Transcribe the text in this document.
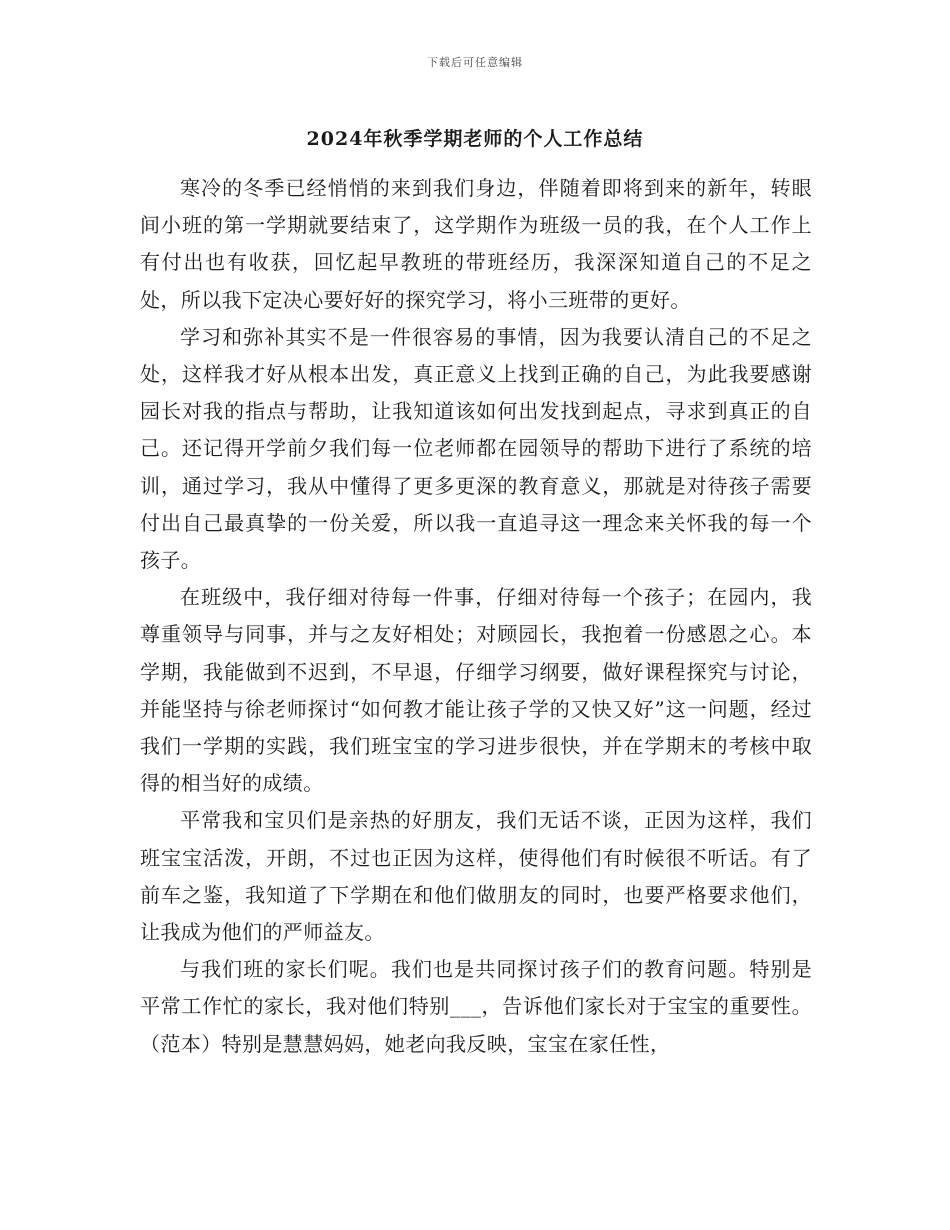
下载后可任意编辑
2024年秋季学期老师的个人工作总结

寒冷的冬季已经悄悄的来到我们身边，伴随着即将到来的新年，转眼间小班的第一学期就要结束了，这学期作为班级一员的我，在个人工作上有付出也有收获，回忆起早教班的带班经历，我深深知道自己的不足之处，所以我下定决心要好好的探究学习，将小三班带的更好。

学习和弥补其实不是一件很容易的事情，因为我要认清自己的不足之处，这样我才好从根本出发，真正意义上找到正确的自己，为此我要感谢园长对我的指点与帮助，让我知道该如何出发找到起点，寻求到真正的自己。还记得开学前夕我们每一位老师都在园领导的帮助下进行了系统的培训，通过学习，我从中懂得了更多更深的教育意义，那就是对待孩子需要付出自己最真挚的一份关爱，所以我一直追寻这一理念来关怀我的每一个孩子。

在班级中，我仔细对待每一件事，仔细对待每一个孩子；在园内，我尊重领导与同事，并与之友好相处；对顾园长，我抱着一份感恩之心。本学期，我能做到不迟到，不早退，仔细学习纲要，做好课程探究与讨论，并能坚持与徐老师探讨“如何教才能让孩子学的又快又好”这一问题，经过我们一学期的实践，我们班宝宝的学习进步很快，并在学期末的考核中取得的相当好的成绩。

平常我和宝贝们是亲热的好朋友，我们无话不谈，正因为这样，我们班宝宝活泼，开朗，不过也正因为这样，使得他们有时候很不听话。有了前车之鉴，我知道了下学期在和他们做朋友的同时，也要严格要求他们，让我成为他们的严师益友。

与我们班的家长们呢。我们也是共同探讨孩子们的教育问题。特别是平常工作忙的家长，我对他们特别___，告诉他们家长对于宝宝的重要性。（范本）特别是慧慧妈妈，她老向我反映，宝宝在家任性，
